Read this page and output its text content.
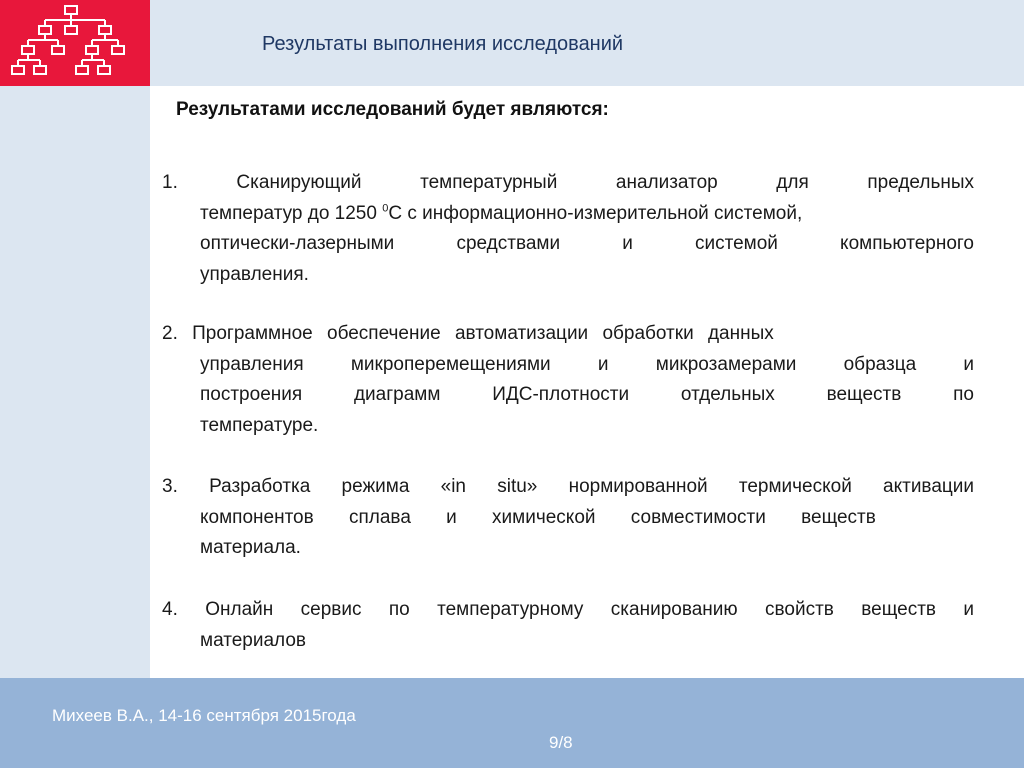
Результаты выполнения исследований
Результатами исследований будет являются:
1. Сканирующий температурный анализатор для предельных
температур до 1250 $^0$C с информационно-измерительной системой,
оптически-лазерными средствами и системой компьютерного
управления.
2. Программное обеспечение автоматизации обработки данных
управления микроперемещениями и микрозамерами образца и
построения диаграмм ИДС-плотности отдельных веществ по
температуре.
3. Разработка режима «in situ» нормированной термической активации
компонентов сплава и химической совместимости веществ
материала.
4. Онлайн сервис по температурному сканированию свойств веществ и
материалов
Михеев В.А., 14-16 сентября 2015года
9/8
